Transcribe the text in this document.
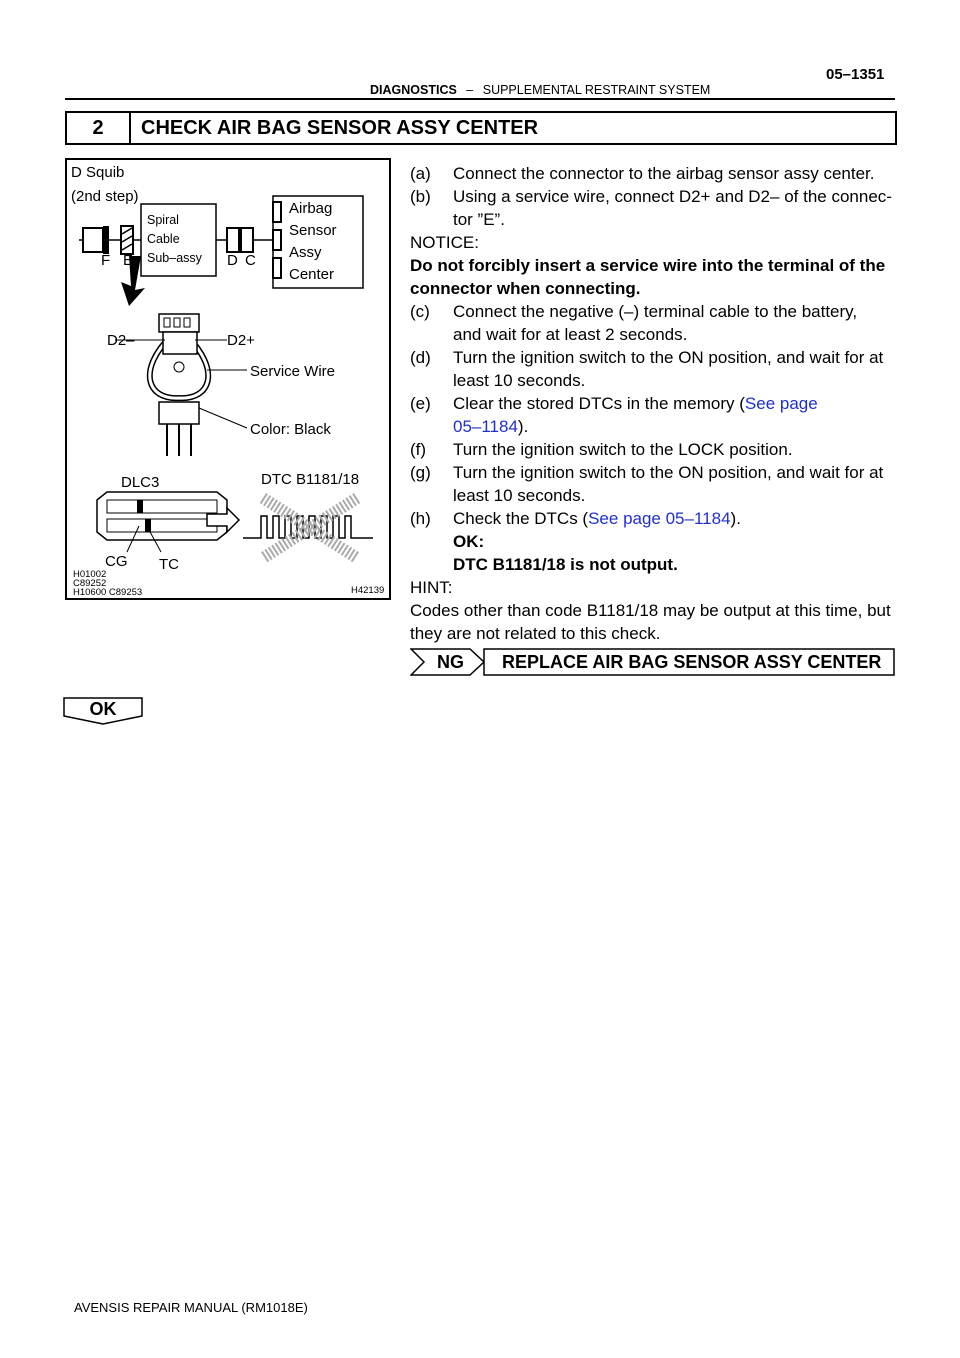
05–1351
DIAGNOSTICS – SUPPLEMENTAL RESTRAINT SYSTEM
2	CHECK AIR BAG SENSOR ASSY CENTER
D Squib
(2nd step)
Spiral
Cable
Sub–assy
F E	D C
Airbag
Sensor
Assy
Center
D2–	D2+
Service Wire
Color: Black
DLC3	DTC B1181/18
CG TC
H01002
C89252
H10600 C89253	H42139
(a) Connect the connector to the airbag sensor assy center.
(b) Using a service wire, connect D2+ and D2– of the connec-
tor ”E”.
NOTICE:
Do not forcibly insert a service wire into the terminal of the
connector when connecting.
(c) Connect the negative (–) terminal cable to the battery,
and wait for at least 2 seconds.
(d) Turn the ignition switch to the ON position, and wait for at
least 10 seconds.
(e) Clear the stored DTCs in the memory (See page
05–1184).
(f) Turn the ignition switch to the LOCK position.
(g) Turn the ignition switch to the ON position, and wait for at
least 10 seconds.
(h) Check the DTCs (See page 05–1184).
OK:
DTC B1181/18 is not output.
HINT:
Codes other than code B1181/18 may be output at this time, but
they are not related to this check.
NG REPLACE AIR BAG SENSOR ASSY CENTER
OK
AVENSIS REPAIR MANUAL (RM1018E)
